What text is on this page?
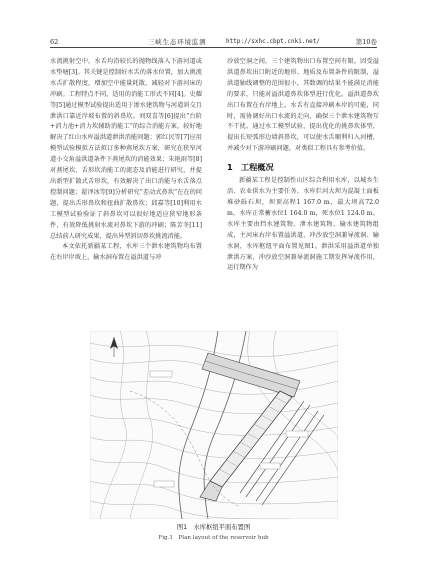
62	三峡生态环境监测	http://sxhc.cbpt.cnki.net/	第10卷

水流挑射空中，水舌均沿较长的抛物线落入下游河道或水垫塘[3]。其关键是控制好水舌的落水位置，加大挑流水舌扩散程度，增加空中能量耗散，减轻对下游河床的冲刷。工程特点不同，适用的消能工形式不同[4]。史耀等[5]通过模型试验提出适用于渗水建筑物与河道斜交且泄洪口靠近岸坡布置的斜鼻坎。刘双喜等[6]提出“台阶+消力池+消力坎辅助消能工”的综合消能方案，较好地解决了红山水库溢洪道泄洪消能问题；郭红民等[7]应用模型试验模拟方法拟订多种燕尾坎方案，研究在狭窄河道小交角溢洪道条件下燕尾坎的消能效果；朱艳雨等[8]对燕尾坎、舌形坎消能工的流态及消能进行研究，并提出新型扩散式舌形坎，有效解决了出口消能与水舌落点控制问题；翟泽冰等[9]分析研究“差动式鼻坎”在在的问题，提出舌形鼻坎和扭曲扩散鼻坎；邱嘉等[10]利用水工模型试验验证了斜鼻坎可以很好地适应狭窄地形条件，有效降低挑射水流对鼻坎下游的冲刷；陈芳冬[11]总结前人研究成果，提出异型斜切鼻坎挑流消能。

本文依托新疆某工程，水库三个泄水建筑物均布置在右岸岸坡上，输水洞布置在溢洪道与冲

沙放空洞之间，三个建筑物出口布置空间有限。因受溢洪道鼻坎出口附近的地形、地质及布置条件的限制，溢洪道轴线调整的范围很小，其数调的结果不能满足消能的要求，只能对溢洪道鼻坎体型进行优化。溢洪道鼻坎出口布置在右岸地上，水舌有直接冲刷本岸的可能，同时，需协调好出口水流的走向，确保三个泄水建筑物互不干扰。通过水工模型试验，提出优化的挑鼻坎体型，提出长短弧形边墙斜鼻坎，可以使水舌顺利归入河槽，并减少对下游冲刷问题，对类似工程具有参考价值。

1　工程概况

新疆某工程是控制性山区综合利用水库，以城乡生活、农业供水为主要任务。水库拦河大坝为混凝土面板堆砂砾石坝，坝顶高程1 167.0 m，最大坝高72.0 m，水库正常蓄水位1 164.0 m，死水位1 124.0 m。水库主要由挡水建筑物、泄水建筑物、输水建筑物组成，主河床右岸布置溢洪道、冲沙放空洞兼导流洞、输水洞，水库枢纽平面布置见图1。泄洪采用溢洪道单独泄洪方案，冲沙放空洞兼导流洞施工期发挥导流作用，运行期作为

图1　水库枢纽平面布置图
Fig.1　Plan layout of the reservoir hub
